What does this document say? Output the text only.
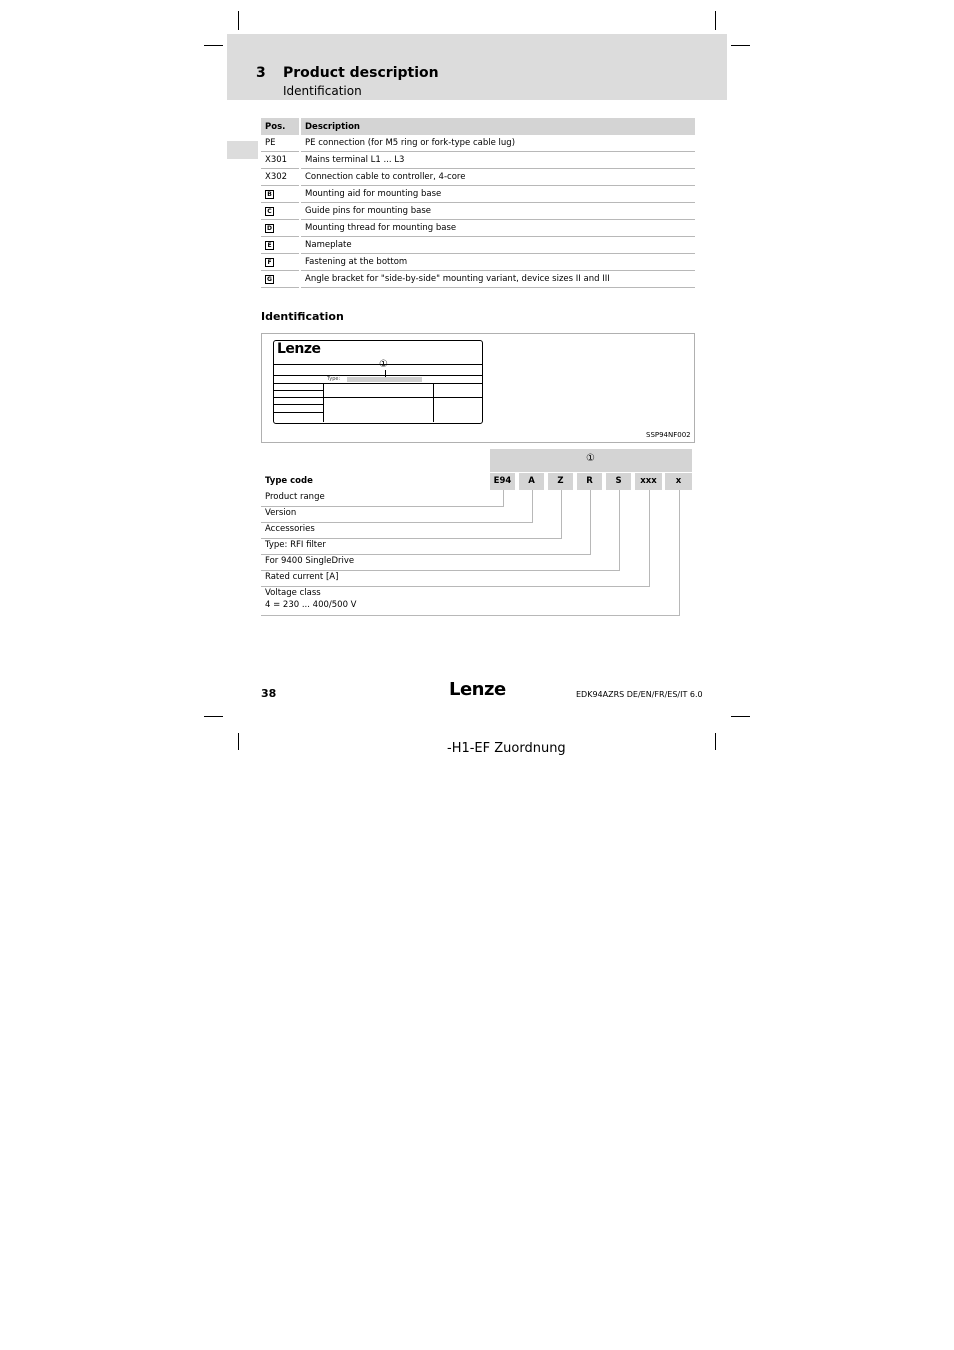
3 Product description
Identification
Pos.	Description
PE	PE connection (for M5 ring or fork-type cable lug)
X301	Mains terminal L1 ... L3
X302	Connection cable to controller, 4-core
B	Mounting aid for mounting base
C	Guide pins for mounting base
D	Mounting thread for mounting base
E	Nameplate
F	Fastening at the bottom
G	Angle bracket for "side-by-side" mounting variant, device sizes II and III
Identification
Lenze
①
Type:
SSP94NF002
①
Type code	E94	A	Z	R	S	xxx	x
Product range
Version
Accessories
Type: RFI filter
For 9400 SingleDrive
Rated current [A]
Voltage class
4 = 230 ... 400/500 V
38	Lenze	EDK94AZRS DE/EN/FR/ES/IT 6.0
-H1-EF Zuordnung
